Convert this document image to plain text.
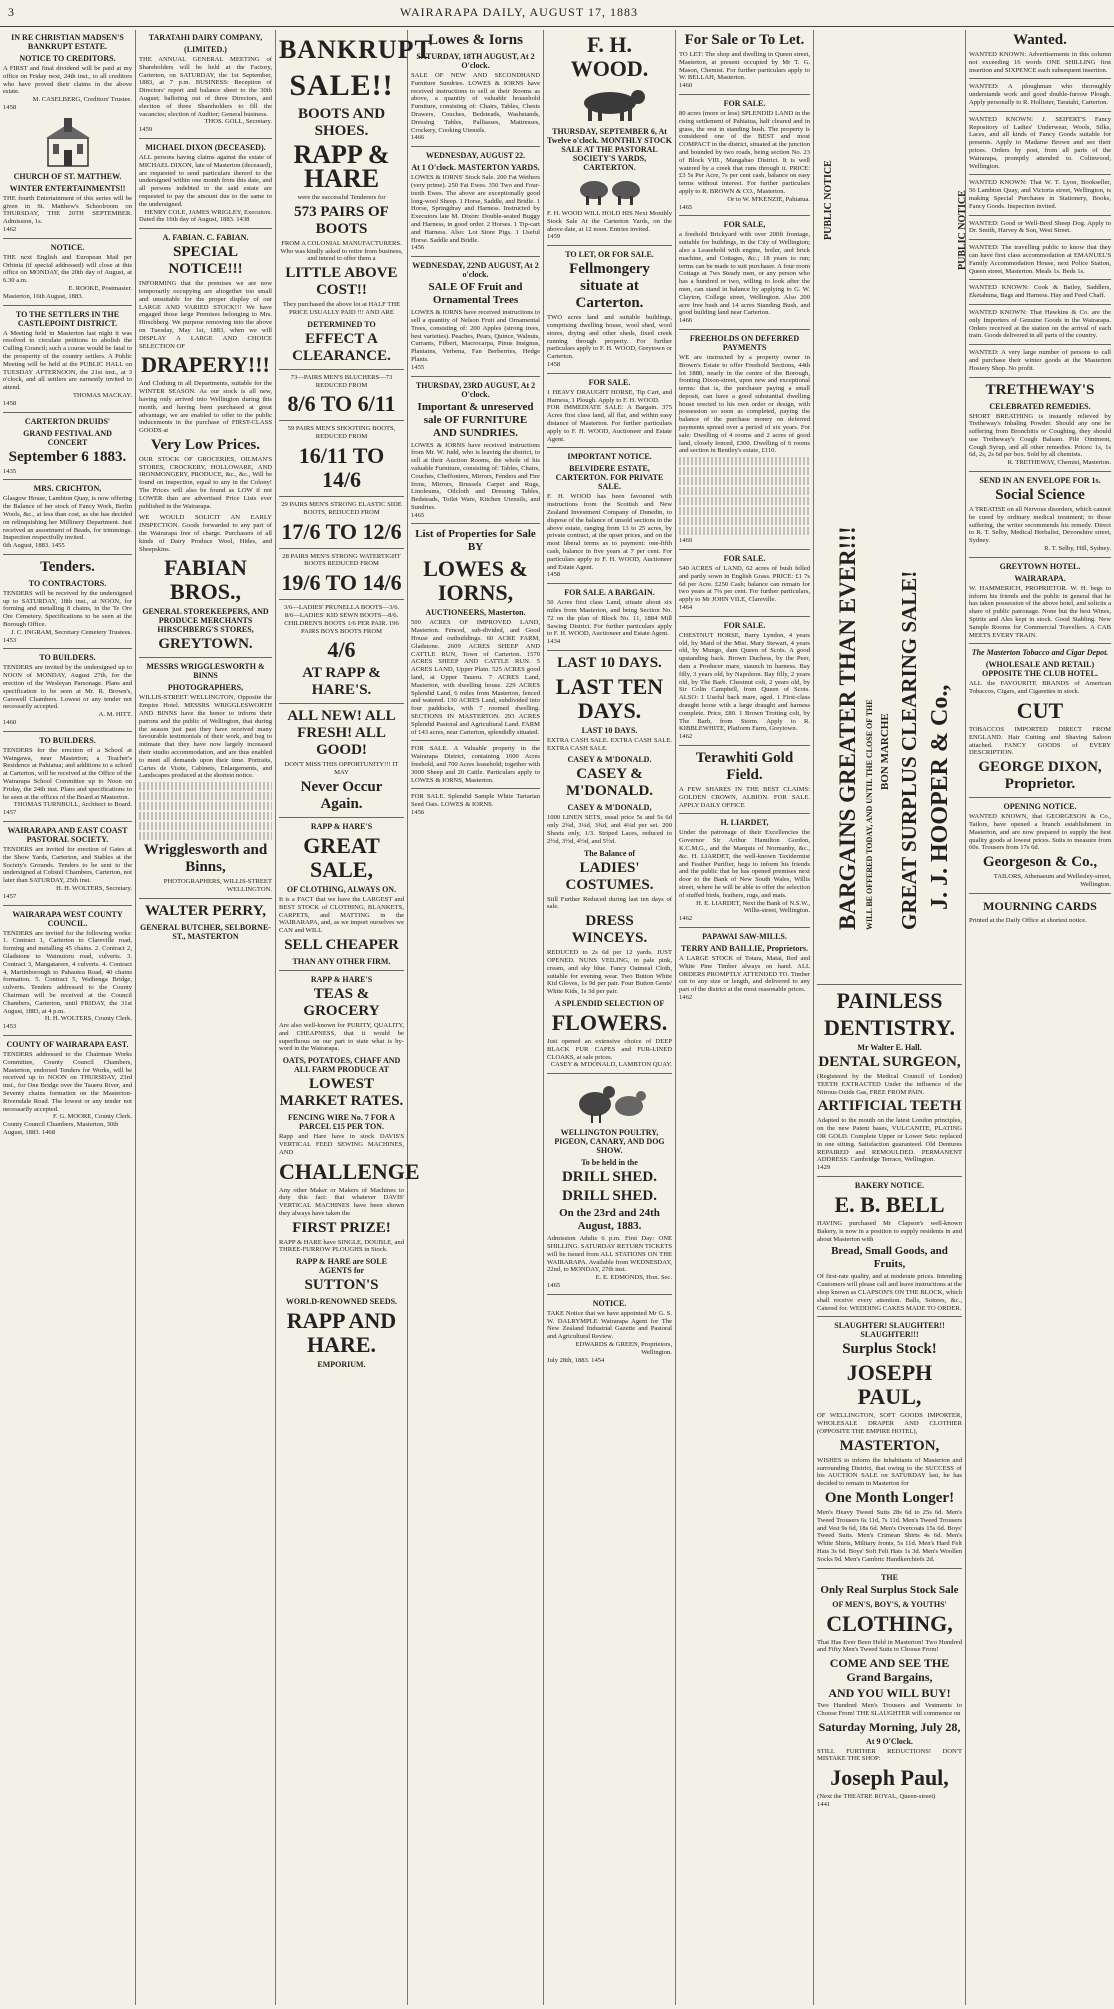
3	WAIRARAPA DAILY, AUGUST 17, 1883
IN RE CHRISTIAN MADSEN'S BANKRUPT ESTATE.
NOTICE TO CREDITORS.
A FIRST and final dividend will be paid at my office on Friday next, 24th inst., to all creditors who have proved their claims in the above estate.
M. CASELBERG, Creditors' Trustee.
1458
CHURCH OF ST. MATTHEW.
WINTER ENTERTAINMENTS!!
THE fourth Entertainment of this series will be given in St. Matthew's Schoolroom on THURSDAY, THE 20TH SEPTEMBER. Admission, 1s.
1462
NOTICE.
THE next English and European Mail per Orbinia (if special addressed) will close at this office on MONDAY, the 20th day of August, at 6.30 a.m.
E. ROOKE, Postmaster.
Masterton, 16th August, 1883.
TO THE SETTLERS IN THE CASTLEPOINT DISTRICT.
A Meeting held in Masterton last night it was resolved to circulate petitions to abolish the Culling Council; such a course would be fatal to the prosperity of the country settlers. A Public Meeting will be held at the PUBLIC HALL on TUESDAY AFTERNOON, the 21st inst., at 3 o'clock, and all settlers are earnestly invited to attend.
THOMAS MACKAY.
1458
CARTERTON DRUIDS'
GRAND FESTIVAL AND CONCERT
September 6 1883.
1435
MRS. CRICHTON,
Glasgow House, Lambton Quay, is now offering the Balance of her stock of Fancy Work, Berlin Wools, &c., at less than cost, as she has decided on relinquishing her Millinery Department. Just received an assortment of Beads, for trimmings. Inspection respectfully invited.
6th August, 1883. 1455
Tenders.
TO CONTRACTORS.
TENDERS will be received by the undersigned up to SATURDAY, 18th inst., at NOON, for forming and metalling 8 chains, in the Te Ore Ore Cemetery. Specifications to be seen at the Borough Office.
J. C. INGRAM, Secretary Cemetery Trustees.
1453
TO BUILDERS.
TENDERS are invited by the undersigned up to NOON of MONDAY, August 27th, for the erection of the Wesleyan Parsonage. Plans and specification to be seen at Mr. R. Brown's, Carswell Chambers. Lowest or any tender not necessarily accepted.
A. M. HITT.
1460
TO BUILDERS.
TENDERS for the erection of a School at Waingawa, near Masterton; a Teacher's Residence at Pahiatua; and additions to a school at Carterton, will be received at the Office of the Wairarapa School Committee up to Noon on Friday, the 24th inst. Plans and specifications to be seen at the offices of the Board at Masterton.
THOMAS TURNBULL, Architect to Board.
1457
WAIRARAPA AND EAST COAST PASTORAL SOCIETY.
TENDERS are invited for erection of Gates at the Show Yards, Carterton, and Stables at the Society's Grounds. Tenders to be sent to the undersigned at Cobstel Chambers, Carterton, not later than SATURDAY, 25th inst.
H. H. WOLTERS, Secretary.
1457
WAIRARAPA WEST COUNTY COUNCIL.
TENDERS are invited for the following works: 1. Contract 1, Carterton to Clareville road, forming and metalling 45 chains. 2. Contract 2, Gladstone to Wainuioru road, culverts. 3. Contract 3, Mangatarere, 4 culverts. 4. Contract 4, Martinborough to Pahautea Road, 40 chains formation. 5. Contract 5, Waihenga Bridge, culverts. Tenders addressed to the County Chairman will be received at the Council Chambers, Carterton, until FRIDAY, the 31st August, 1883, at 4 p.m.
H. H. WOLTERS, County Clerk.
1453
COUNTY OF WAIRARAPA EAST.
TENDERS addressed to the Chairman Works Committee, County Council Chambers, Masterton, endorsed Tenders for Works, will be received up to NOON on THURSDAY, 23rd inst., for One Bridge over the Taueru River, and Seventy chains formation on the Masterton-Riversdale Road. The lowest or any tender not necessarily accepted.
F. G. MOORE, County Clerk.
County Council Chambers, Masterton, 30th August, 1883. 1468
TARATAHI DAIRY COMPANY,
(LIMITED.)
THE ANNUAL GENERAL MEETING of Shareholders will be held at the Factory, Carterton, on SATURDAY, the 1st September, 1883, at 7 p.m. BUSINESS: Reception of Directors' report and balance sheet to the 30th August; balloting out of three Directors, and election of three Shareholders to fill the vacancies; election of Auditor; General business.
THOS. GOLL, Secretary.
1459
MICHAEL DIXON (DECEASED).
ALL persons having claims against the estate of MICHAEL DIXON, late of Masterton (deceased), are requested to send particulars thereof to the undersigned within one month from this date, and all persons indebted to the said estate are requested to pay the amount due to the same to the undersigned.
HENRY COLE, JAMES WRIGLEY, Executors.
Dated the 16th day of August, 1883. 1438
A. FABIAN. C. FABIAN.
SPECIAL NOTICE!!!
INFORMING that the premises we are now temporarily occupying are altogether too small and unsuitable for the proper display of our LARGE AND VARIED STOCK!!! We have engaged those large Premises belonging to Mrs. Hirschberg. We purpose removing into the above on Tuesday, May 1st, 1883, when we will DISPLAY A LARGE AND CHOICE SELECTION OF
DRAPERY!!!
And Clothing in all Departments, suitable for the WINTER SEASON. As our stock is all new, having only arrived into Wellington during this month, and having been purchased at great advantage, we are enabled to offer to the public inducements in the purchase of FIRST-CLASS GOODS at
Very Low Prices.
OUR STOCK OF GROCERIES, OILMAN'S STORES, CROCKERY, HOLLOWARE, AND IRONMONGERY, PRODUCE, &c., &c., Will be found on inspection, equal to any in the Colony! The Prices will also be found as LOW if not LOWER than are advertised Price Lists ever published in the Wairarapa.
WE WOULD SOLICIT AN EARLY INSPECTION. Goods forwarded to any part of the Wairarapa free of charge. Purchasers of all kinds of Dairy Produce Wool, Hides, and Sheepskins.
FABIAN BROS.,
GENERAL STOREKEEPERS, AND PRODUCE MERCHANTS HIRSCHBERG'S STORES,
GREYTOWN.
MESSRS WRIGGLESWORTH & BINNS
PHOTOGRAPHERS,
WILLIS-STREET WELLINGTON, Opposite the Empire Hotel. MESSRS WRIGGLESWORTH AND BINNS have the honor to inform their patrons and the public of Wellington, that during the season just past they have received many favourable testimonials of their work, and beg to intimate that they have now largely increased their studio accommodation, and are thus enabled to meet all demands upon their time. Portraits, Cartes de Visite, Cabinets, Enlargements, and Landscapes produced at the shortest notice.
Wrigglesworth and Binns,
PHOTOGRAPHERS, WILLIS-STREET WELLINGTON.
WALTER PERRY,
GENERAL BUTCHER, SELBORNE-ST., MASTERTON
BANKRUPT
SALE!!
BOOTS AND SHOES.
RAPP & HARE
were the successful Tenderers for
573 PAIRS OF BOOTS
FROM A COLONIAL MANUFACTURERS.
Who was kindly asked to retire from business, and intend to offer them a
LITTLE ABOVE COST!!
They purchased the above lot at HALF THE PRICE USUALLY PAID !!! AND ARE
DETERMINED TO
EFFECT A CLEARANCE.
73—PAIRS MEN'S BLUCHERS—73 REDUCED FROM
8/6 TO 6/11
59 PAIRS MEN'S SHOOTING BOOTS, REDUCED FROM
16/11 TO 14/6
29 PAIRS MEN'S STRONG ELASTIC SIDE BOOTS, REDUCED FROM
17/6 TO 12/6
28 PAIRS MEN'S STRONG WATERTIGHT BOOTS REDUCED FROM
19/6 TO 14/6
3/6—LADIES' PRUNELLA BOOTS—3/6. 8/6—LADIES' KID SEWN BOOTS—8/6. CHILDREN'S BOOTS 1/6 PER PAIR. 196 PAIRS BOYS BOOTS FROM
4/6
AT RAPP & HARE'S.
ALL NEW! ALL FRESH! ALL GOOD!
DON'T MISS THIS OPPORTUNITY!!! IT MAY
Never Occur Again.
RAPP & HARE'S
GREAT SALE,
OF CLOTHING, ALWAYS ON.
It is a FACT that we have the LARGEST and BEST STOCK of CLOTHING, BLANKETS, CARPETS, and MATTING in the WAIRARAPA, and, as we import ourselves we CAN and WILL
SELL CHEAPER
THAN ANY OTHER FIRM.
RAPP & HARE'S
TEAS & GROCERY
Are also well-known for PURITY, QUALITY, and CHEAPNESS, that it would be superfluous on our part to state what is by-word in the Wairarapa.
OATS, POTATOES, CHAFF AND ALL FARM PRODUCE AT
LOWEST MARKET RATES.
FENCING WIRE No. 7 FOR A PARCEL £15 PER TON.
Rapp and Hare have in stock DAVIS'S VERTICAL FEED SEWING MACHINES, AND
CHALLENGE
Any other Maker or Makers of Machines to duty this fact: that whatever DAVIS' VERTICAL MACHINES have been shown they always have taken the
FIRST PRIZE!
RAPP & HARE have SINGLE, DOUBLE, and THREE-FURROW PLOUGHS in Stock.
RAPP & HARE are SOLE AGENTS for
SUTTON'S
WORLD-RENOWNED SEEDS.
RAPP AND HARE.
EMPORIUM.
Lowes & Iorns
SATURDAY, 18TH AUGUST, At 2 O'clock.
SALE OF NEW AND SECONDHAND Furniture Sundries. LOWES & IORNS have received instructions to sell at their Rooms as above, a quantity of valuable household Furniture, consisting of: Chairs, Tables, Chests Drawers, Couches, Bedsteads, Washstands, Dressing Tables, Palliasses, Mattresses, Crockery, Cooking Utensils.
1466
WEDNESDAY, AUGUST 22.
At 1 O'clock. MASTERTON YARDS.
LOWES & IORNS' Stock Sale. 200 Fat Wethers (very prime). 250 Fat Ewes. 350 Two and Four-tooth Ewes. The above are exceptionally good long-wool Sheep. 1 Horse, Saddle, and Bridle. 1 Horse, Springdray and Harness. Instructed by Executors late M. Dixon: Double-seated Buggy and Harness, in good order. 2 Horses. 1 Tip-cart and Harness. Also: Lot Store Pigs. 1 Useful Horse. Saddle and Bridle.
1456
WEDNESDAY, 22ND AUGUST, At 2 o'clock.
SALE OF Fruit and Ornamental Trees
LOWES & IORNS have received instructions to sell a quantity of Nelson Fruit and Ornamental Trees, consisting of: 200 Apples (strong trees, best varieties). Peaches, Pears, Quince, Walnuts, Currants, Filbert, Macrocarpa, Pinus Insignus, Plantains, Verbena, Fan Berberries, Hedge Plants.
1455
THURSDAY, 23RD AUGUST, At 2 O'clock.
Important & unreserved sale OF FURNITURE AND SUNDRIES.
LOWES & IORNS have received instructions from Mr. W. Judd, who is leaving the district, to sell at their Auction Rooms, the whole of his valuable Furniture, consisting of: Tables, Chairs, Couches, Cheffoniers, Mirrors, Fenders and Fire Irons, Mirrors, Brussels Carpet and Rugs, Linoleums, Oilcloth and Dressing Tables, Bedsteads, Toilet Ware, Kitchen Utensils, and Sundries.
1465
List of Properties for Sale BY
LOWES & IORNS,
AUCTIONEERS, Masterton.
500 ACRES OF IMPROVED LAND, Masterton. Fenced, sub-divided, and Good House and outbuildings. 60 ACRE FARM, Gladstone. 2609 ACRES SHEEP AND CATTLE RUN, Town of Carterton. 1570 ACRES SHEEP AND CATTLE RUN. 5 ACRES LAND, Upper Plain. 525 ACRES good land, at Upper Taueru. 7 ACRES Land, Masterton, with dwelling house. 229 ACRES Splendid Land, 6 miles from Masterton, fenced and watered. 130 ACRES Land, subdivided into four paddocks, with 7 roomed dwelling. SECTIONS IN MASTERTON. 293 ACRES Splendid Pastoral and Agricultural Land. FARM of 143 acres, near Carterton, splendidly situated.
FOR SALE. A Valuable property in the Wairarapa District, containing 1600 Acres freehold, and 700 Acres leasehold; together with 3000 Sheep and 20 Cattle. Particulars apply to LOWES & IORNS, Masterton.
FOR SALE. Splendid Sample White Tartarian Seed Oats. LOWES & IORNS.
1456
F. H. WOOD.
THURSDAY, SEPTEMBER 6, At Twelve o'clock. MONTHLY STOCK SALE AT THE PASTORAL SOCIETY'S YARDS, CARTERTON.
F. H. WOOD WILL HOLD HIS Next Monthly Stock Sale At the Carterton Yards, on the above date, at 12 noon. Entries invited.
1459
TO LET, OR FOR SALE.
Fellmongery situate at Carterton.
TWO acres land and suitable buildings, comprising dwelling house, wool shed, wool stores, drying and other sheds, fixed creek running through property. For further particulars apply to F. H. WOOD, Greytown or Carterton.
1458
FOR SALE.
1 HEAVY DRAUGHT HORSE, Tip Cart, and Harness, 1 Plough. Apply to F. H. WOOD.
FOR IMMEDIATE SALE: A Bargain. 375 Acres first class land, all flat, and within easy distance of Masterton. For further particulars apply to F. H. WOOD, Auctioneer and Estate Agent.
IMPORTANT NOTICE.
BELVIDERE ESTATE, CARTERTON. FOR PRIVATE SALE.
F. H. WOOD has been favoured with instructions from the Scottish and New Zealand Investment Company of Dunedin, to dispose of the balance of unsold sections in the above estate, ranging from 13 to 25 acres, by private contract, at the upset prices, and on the most liberal terms as to payment: one-fifth cash, balance in five years at 7 per cent. For particulars apply to F. H. WOOD, Auctioneer and Estate Agent.
1458
FOR SALE. A BARGAIN.
50 Acres first class Land, situate about six miles from Masterton, and being Section No. 72 on the plan of Block No. 11, 1884 Mill Sawing District. For further particulars apply to F. H. WOOD, Auctioneer and Estate Agent.
1434
LAST 10 DAYS.
LAST TEN DAYS.
LAST 10 DAYS.
EXTRA CASH SALE. EXTRA CASH SALE. EXTRA CASH SALE.
CASEY & M'DONALD.
CASEY & M'DONALD.
CASEY & M'DONALD,
1000 LINEN SETS, usual price 5s and 5s 6d only 2¾d, 3¼d, 3¾d, and 4¼d per set. 200 Sheets only, 1/3. Striped Laces, reduced to 2½d, 3½d, 4½d, and 5½d.
The Balance of
LADIES' COSTUMES.
Still Further Reduced during last ten days of sale.
DRESS WINCEYS.
REDUCED to 2s 6d per 12 yards. JUST OPENED. NUNS VEILING, in pale pink, cream, and sky blue. Fancy Oatmeal Cloth, suitable for evening wear. Two Button White Kid Gloves, 1s 9d per pair. Four Button Gents' White Kids, 1s 3d per pair.
A SPLENDID SELECTION OF
FLOWERS.
Just opened an extensive choice of DEEP BLACK FUR CAPES and FUR-LINED CLOAKS, at sale prices.
CASEY & M'DONALD, LAMBTON QUAY.
WELLINGTON POULTRY, PIGEON, CANARY, AND DOG SHOW.
To be held in the
DRILL SHED.
DRILL SHED.
On the 23rd and 24th August, 1883.
Admission Adults 6 p.m. First Day: ONE SHILLING. SATURDAY RETURN TICKETS will be issued from ALL STATIONS ON THE WAIRARAPA. Available from WEDNESDAY, 22nd, to MONDAY, 27th inst.
E. E. EDMONDS, Hon. Sec.
1465
NOTICE.
TAKE Notice that we have appointed Mr G. S. W. DALRYMPLE Wairarapa Agent for The New Zealand Industrial Gazette and Pastoral and Agricultural Review.
EDWARDS & GREEN, Proprietors, Wellington.
July 28th, 1883. 1454
For Sale or To Let.
TO LET: The shop and dwelling in Queen street, Masterton, at present occupied by Mr T. G. Mason, Chemist. For further particulars apply to W. BELLAH, Masterton.
1460
FOR SALE.
80 acres (more or less) SPLENDID LAND in the rising settlement of Pahiatua, half cleared and in grass, the rest in standing bush. The property is considered one of the BEST and most COMPACT in the district, situated at the junction and bounded by two roads, being section No. 23 of Block VIII., Mangahao District. It is well watered by a creek that runs through it. PRICE: £3 5s Per Acre, 7s per cent cash, balance on easy terms without interest. For further particulars apply to R. BROWN & CO., Masterton.
Or to W. M'KENZIE, Pahiatua.
1465
FOR SALE,
a freehold Brickyard with over 200ft frontage, suitable for buildings, in the City of Wellington; also a Leasehold with engine, boiler, and brick machine, and Cottages, &c.; 18 years to run; terms can be made to suit purchaser. A four room Cottage at 7ws Steady men, or any person who has a hundred or two, willing to look after the men, can stand in balance by applying to G. W. Clayton, College street, Wellington. Also 200 acre free bush and 14 acres Standing Bush, and good building land near Carterton.
1466
FREEHOLDS ON DEFERRED PAYMENTS
WE are instructed by a property owner in Brown's Estate to offer Freehold Sections, 44th lot 1880, nearly in the centre of the Borough, fronting Dixon-street, upon new and exceptional terms: that is, the purchaser paying a small deposit, can have a good substantial dwelling house erected to his own order or design, with possession so soon as completed, paying the balance of the purchase money on deferred payments spread over a period of six years. For sale: Dwelling of 4 rooms and 2 acres of good land, closely fenced, £300. Dwelling of 6 rooms and section in Bentley's estate, £110.
1469
FOR SALE.
540 ACRES of LAND, 62 acres of bush felled and partly sown in English Grass. PRICE: £1 7s 6d per Acre. £250 Cash; balance can remain for two years at 7¼ per cent. For further particulars, apply to Mr JOHN VILE, Clareville.
1464
FOR SALE.
CHESTNUT HORSE, Barry Lyndon, 4 years old, by Maid of the Mist. Mary Stewart, 4 years old, by Mungo, dam Queen of Scots. A good upstanding back. Brown Duchess, by the Peer, dam a Producer mare, staunch in harness. Bay filly, 3 years old, by Napoleon. Bay filly, 2 years old, by The Barb. Chestnut colt, 2 years old, by Sir Colin Campbell, from Queen of Scots. ALSO: 1 Useful back mare, aged. 1 First-class draught horse with a large draught and harness complete. Price, £80. 1 Brown Trotting colt, by The Barb, from Storm. Apply to R. KIBBLEWHITE, Platform Farm, Greytown.
1462
Terawhiti Gold Field.
A FEW SHARES IN THE BEST CLAIMS: GOLDEN CROWN, ALBION. FOR SALE. APPLY DAILY OFFICE
H. LIARDET,
Under the patronage of their Excellencies the Governor Sir Arthur Hamilton Gordon, K.C.M.G., and the Marquis of Normanby, &c., &c. H. LIARDET, the well-known Taxidermist and Feather Purifier, begs to inform his friends and the public that he has opened premises next door to the Bank of New South Wales, Willis street, where he will be able to offer the selection of stuffed birds, feathers, rugs, and mats.
H. E. LIARDET, Next the Bank of N.S.W., Willis-street, Wellington.
1462
PAPAWAI SAW-MILLS.
TERRY AND BAILLIE, Proprietors.
A LARGE STOCK of Totara, Matai, Red and White Pine Timber always on hand. ALL ORDERS PROMPTLY ATTENDED TO. Timber cut to any size or length, and delivered to any part of the district at the most reasonable prices.
1462
PUBLIC NOTICE
BARGAINS GREATER THAN EVER!!! WILL BE OFFERED TODAY, AND UNTIL THE CLOSE OF THE BON MARCHE GREAT SURPLUS CLEARING SALE! J. J. HOOPER & Co.,
PUBLIC NOTICE
PAINLESS
DENTISTRY.
Mr Walter E. Hall.
DENTAL SURGEON,
(Registered by the Medical Council of London) TEETH EXTRACTED Under the influence of the Nitrous Oxide Gas, FREE FROM PAIN.
ARTIFICIAL TEETH
Adapted to the mouth on the latest London principles, on the new Patent bases, VULCANITE, PLATING OR GOLD. Complete Upper or Lower Sets: replaced in one sitting. Satisfaction guaranteed. Old Dentures REPAIRED and REMOULDED. PERMANENT ADDRESS: Cambridge Terrace, Wellington.
1429
BAKERY NOTICE.
E. B. BELL
HAVING purchased Mr Clapson's well-known Bakery, is now in a position to supply residents in and about Masterton with
Bread, Small Goods, and Fruits,
Of first-rate quality, and at moderate prices. Intending Customers will please call and leave instructions at the shop known as CLAPSON'S ON THE BLOCK, which shall receive every attention. Balls, Soirees, &c., Catered for. WEDDING CAKES MADE TO ORDER.
SLAUGHTER! SLAUGHTER!! SLAUGHTER!!!
Surplus Stock!
JOSEPH PAUL,
OF WELLINGTON, SOFT GOODS IMPORTER, WHOLESALE DRAPER AND CLOTHIER (OPPOSITE THE EMPIRE HOTEL),
MASTERTON,
WISHES to inform the inhabitants of Masterton and surrounding District, that owing to the SUCCESS of his AUCTION SALE on SATURDAY last, he has decided to remain in Masterton for
One Month Longer!
Men's Heavy Tweed Suits 28s 6d to 25s 6d. Men's Tweed Trousers 6s 11d, 7s 11d. Men's Tweed Trousers and Vest 9s 6d, 18s 6d. Men's Overcoats 15s 6d. Boys' Tweed Suits. Men's Crimean Shirts 4s 6d. Men's White Shirts, Military fronts, 5s 11d. Men's Hard Felt Hats 3s 6d. Boys' Soft Felt Hats 1s 3d. Men's Woollen Socks 9d. Men's Cambric Handkerchiefs 2d.
THE
Only Real Surplus Stock Sale
OF MEN'S, BOY'S, & YOUTHS'
CLOTHING,
That Has Ever Been Held in Masterton! Two Hundred and Fifty Men's Tweed Suits to Choose From!
COME AND SEE THE Grand Bargains,
AND YOU WILL BUY!
Two Hundred Men's Trousers and Vestments to Choose From! THE SLAUGHTER will commence on
Saturday Morning, July 28,
At 9 O'Clock.
STILL FURTHER REDUCTIONS! DON'T MISTAKE THE SHOP:
Joseph Paul,
(Next the THEATRE ROYAL, Queen-street)
1441
Wanted.
WANTED KNOWN: Advertisements in this column not exceeding 16 words ONE SHILLING first insertion and SIXPENCE each subsequent insertion.
WANTED: A ploughman who thoroughly understands work and good double-furrow Plough. Apply personally to R. Hollister, Taratahi, Carterton.
WANTED KNOWN: J. SEIFERT'S Fancy Repository of Ladies' Underwear, Wools, Silks, Laces, and all kinds of Fancy Goods suitable for presents. Apply to Madame Brown and see their prices. Orders by post, from all parts of the Wairarapa, promptly attended to. Colinwood, Wellington.
WANTED KNOWN: That W. T. Lyon, Bookseller, 56 Lambton Quay, and Victoria street, Wellington, is making Special Purchases in Stationery, Books, Fancy Goods. Inspection invited.
WANTED: Good or Well-Bred Sheep Dog. Apply to Dr. Smith, Harvey & Son, West Street.
WANTED: The travelling public to know that they can have first class accommodation at EMANUEL'S Family Accommodation House, next Police Station, Queen street, Masterton. Meals 1s. Beds 1s.
WANTED KNOWN: Cook & Bailey, Saddlers, Eketahuna, Bags and Harness. Hay and Feed Chaff.
WANTED KNOWN: That Hawkins & Co. are the only Importers of Genuine Goods in the Wairarapa. Orders received at the station on the arrival of each train. Goods delivered in all parts of the country.
WANTED: A very large number of persons to call and purchase their winter goods at the Masterton Hosiery Shop. No profit.
TRETHEWAY'S
CELEBRATED REMEDIES.
SHORT BREATHING is instantly relieved by Tretheway's Inhaling Powder. Should any one be suffering from Bronchitis or Coughing, they should use Tretheway's Cough Balsam. Pile Ointment, Cough Syrup, and all other remedies. Prices: 1s, 1s 6d, 2s, 2s 6d per box. Sold by all chemists.
R. TRETHEWAY, Chemist, Masterton.
SEND IN AN ENVELOPE FOR 1s.
Social Science
A TREATISE on all Nervous disorders, which cannot be cured by ordinary medical treatment; to those suffering, the writer recommends his remedy. Direct to R. T. Selby, Medical Herbalist, Devonshire street, Sydney.
R. T. Selby, Hill, Sydney.
GREYTOWN HOTEL.
WAIRARAPA.
W. HAMMERICH, PROPRIETOR. W. H. begs to inform his friends and the public in general that he has taken possession of the above hotel, and solicits a share of public patronage. None but the best Wines, Spirits and Ales kept in stock. Good Stabling. New Sample Rooms for Commercial Travellers. A CAB MEETS EVERY TRAIN.
The Masterton Tobacco and Cigar Depot.
(WHOLESALE AND RETAIL) OPPOSITE THE CLUB HOTEL.
ALL the FAVOURITE BRANDS of American Tobaccos, Cigars, and Cigarettes in stock.
CUT
TOBACCOS IMPORTED DIRECT FROM ENGLAND. Hair Cutting and Shaving Saloon attached. FANCY GOODS of EVERY DESCRIPTION.
GEORGE DIXON, Proprietor.
OPENING NOTICE.
WANTED KNOWN, that GEORGESON & Co., Tailors, have opened a branch establishment in Masterton, and are now prepared to supply the best quality goods at lowest prices. Suits to measure from 60s. Trousers from 17s 6d.
Georgeson & Co.,
TAILORS, Athenaeum and Wellesley-street, Wellington.
MOURNING CARDS
Printed at the Daily Office at shortest notice.
